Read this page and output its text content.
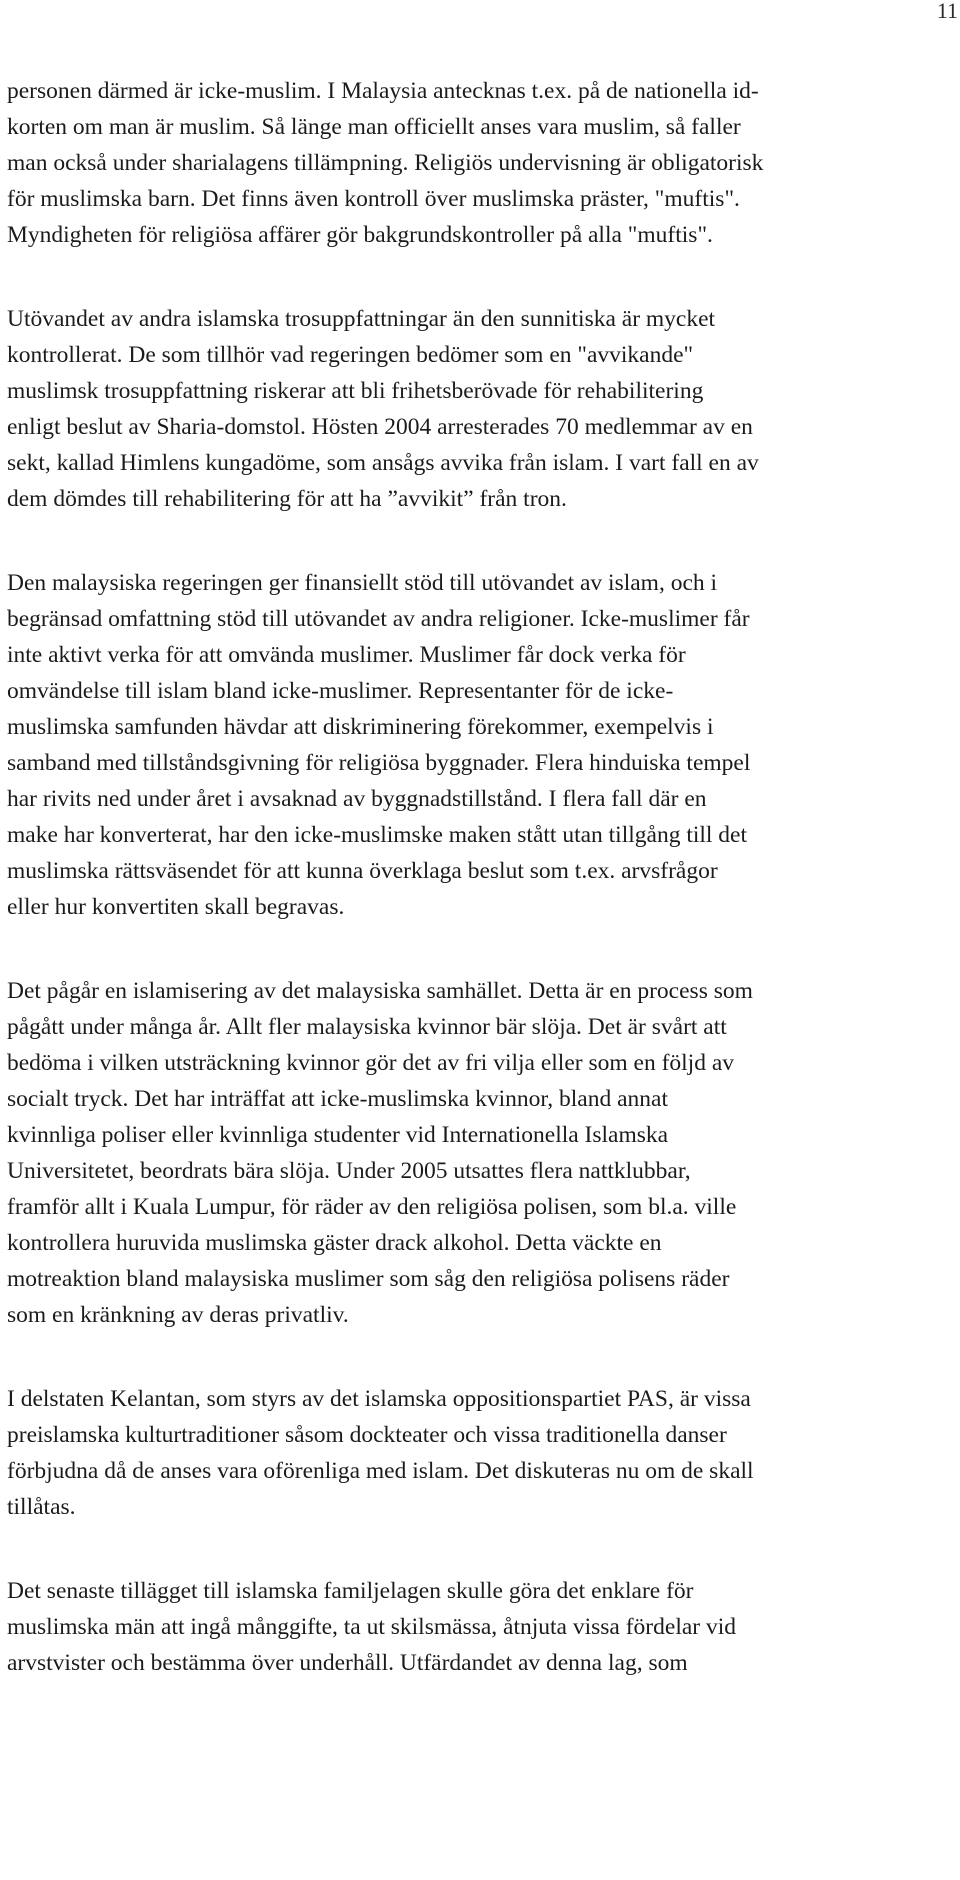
11

personen därmed är icke-muslim. I Malaysia antecknas t.ex. på de nationella id-
korten om man är muslim. Så länge man officiellt anses vara muslim, så faller
man också under sharialagens tillämpning. Religiös undervisning är obligatorisk
för muslimska barn. Det finns även kontroll över muslimska präster, "muftis".
Myndigheten för religiösa affärer gör bakgrundskontroller på alla "muftis".

Utövandet av andra islamska trosuppfattningar än den sunnitiska är mycket
kontrollerat. De som tillhör vad regeringen bedömer som en "avvikande"
muslimsk trosuppfattning riskerar att bli frihetsberövade för rehabilitering
enligt beslut av Sharia-domstol. Hösten 2004 arresterades 70 medlemmar av en
sekt, kallad Himlens kungadöme, som ansågs avvika från islam. I vart fall en av
dem dömdes till rehabilitering för att ha ”avvikit” från tron.

Den malaysiska regeringen ger finansiellt stöd till utövandet av islam, och i
begränsad omfattning stöd till utövandet av andra religioner. Icke-muslimer får
inte aktivt verka för att omvända muslimer. Muslimer får dock verka för
omvändelse till islam bland icke-muslimer. Representanter för de icke-
muslimska samfunden hävdar att diskriminering förekommer, exempelvis i
samband med tillståndsgivning för religiösa byggnader. Flera hinduiska tempel
har rivits ned under året i avsaknad av byggnadstillstånd. I flera fall där en
make har konverterat, har den icke-muslimske maken stått utan tillgång till det
muslimska rättsväsendet för att kunna överklaga beslut som t.ex. arvsfrågor
eller hur konvertiten skall begravas.

Det pågår en islamisering av det malaysiska samhället. Detta är en process som
pågått under många år. Allt fler malaysiska kvinnor bär slöja. Det är svårt att
bedöma i vilken utsträckning kvinnor gör det av fri vilja eller som en följd av
socialt tryck. Det har inträffat att icke-muslimska kvinnor, bland annat
kvinnliga poliser eller kvinnliga studenter vid Internationella Islamska
Universitetet, beordrats bära slöja. Under 2005 utsattes flera nattklubbar,
framför allt i Kuala Lumpur, för räder av den religiösa polisen, som bl.a. ville
kontrollera huruvida muslimska gäster drack alkohol. Detta väckte en
motreaktion bland malaysiska muslimer som såg den religiösa polisens räder
som en kränkning av deras privatliv.

I delstaten Kelantan, som styrs av det islamska oppositionspartiet PAS, är vissa
preislamska kulturtraditioner såsom dockteater och vissa traditionella danser
förbjudna då de anses vara oförenliga med islam. Det diskuteras nu om de skall
tillåtas.

Det senaste tillägget till islamska familjelagen skulle göra det enklare för
muslimska män att ingå månggifte, ta ut skilsmässa, åtnjuta vissa fördelar vid
arvstvister och bestämma över underhåll. Utfärdandet av denna lag, som
